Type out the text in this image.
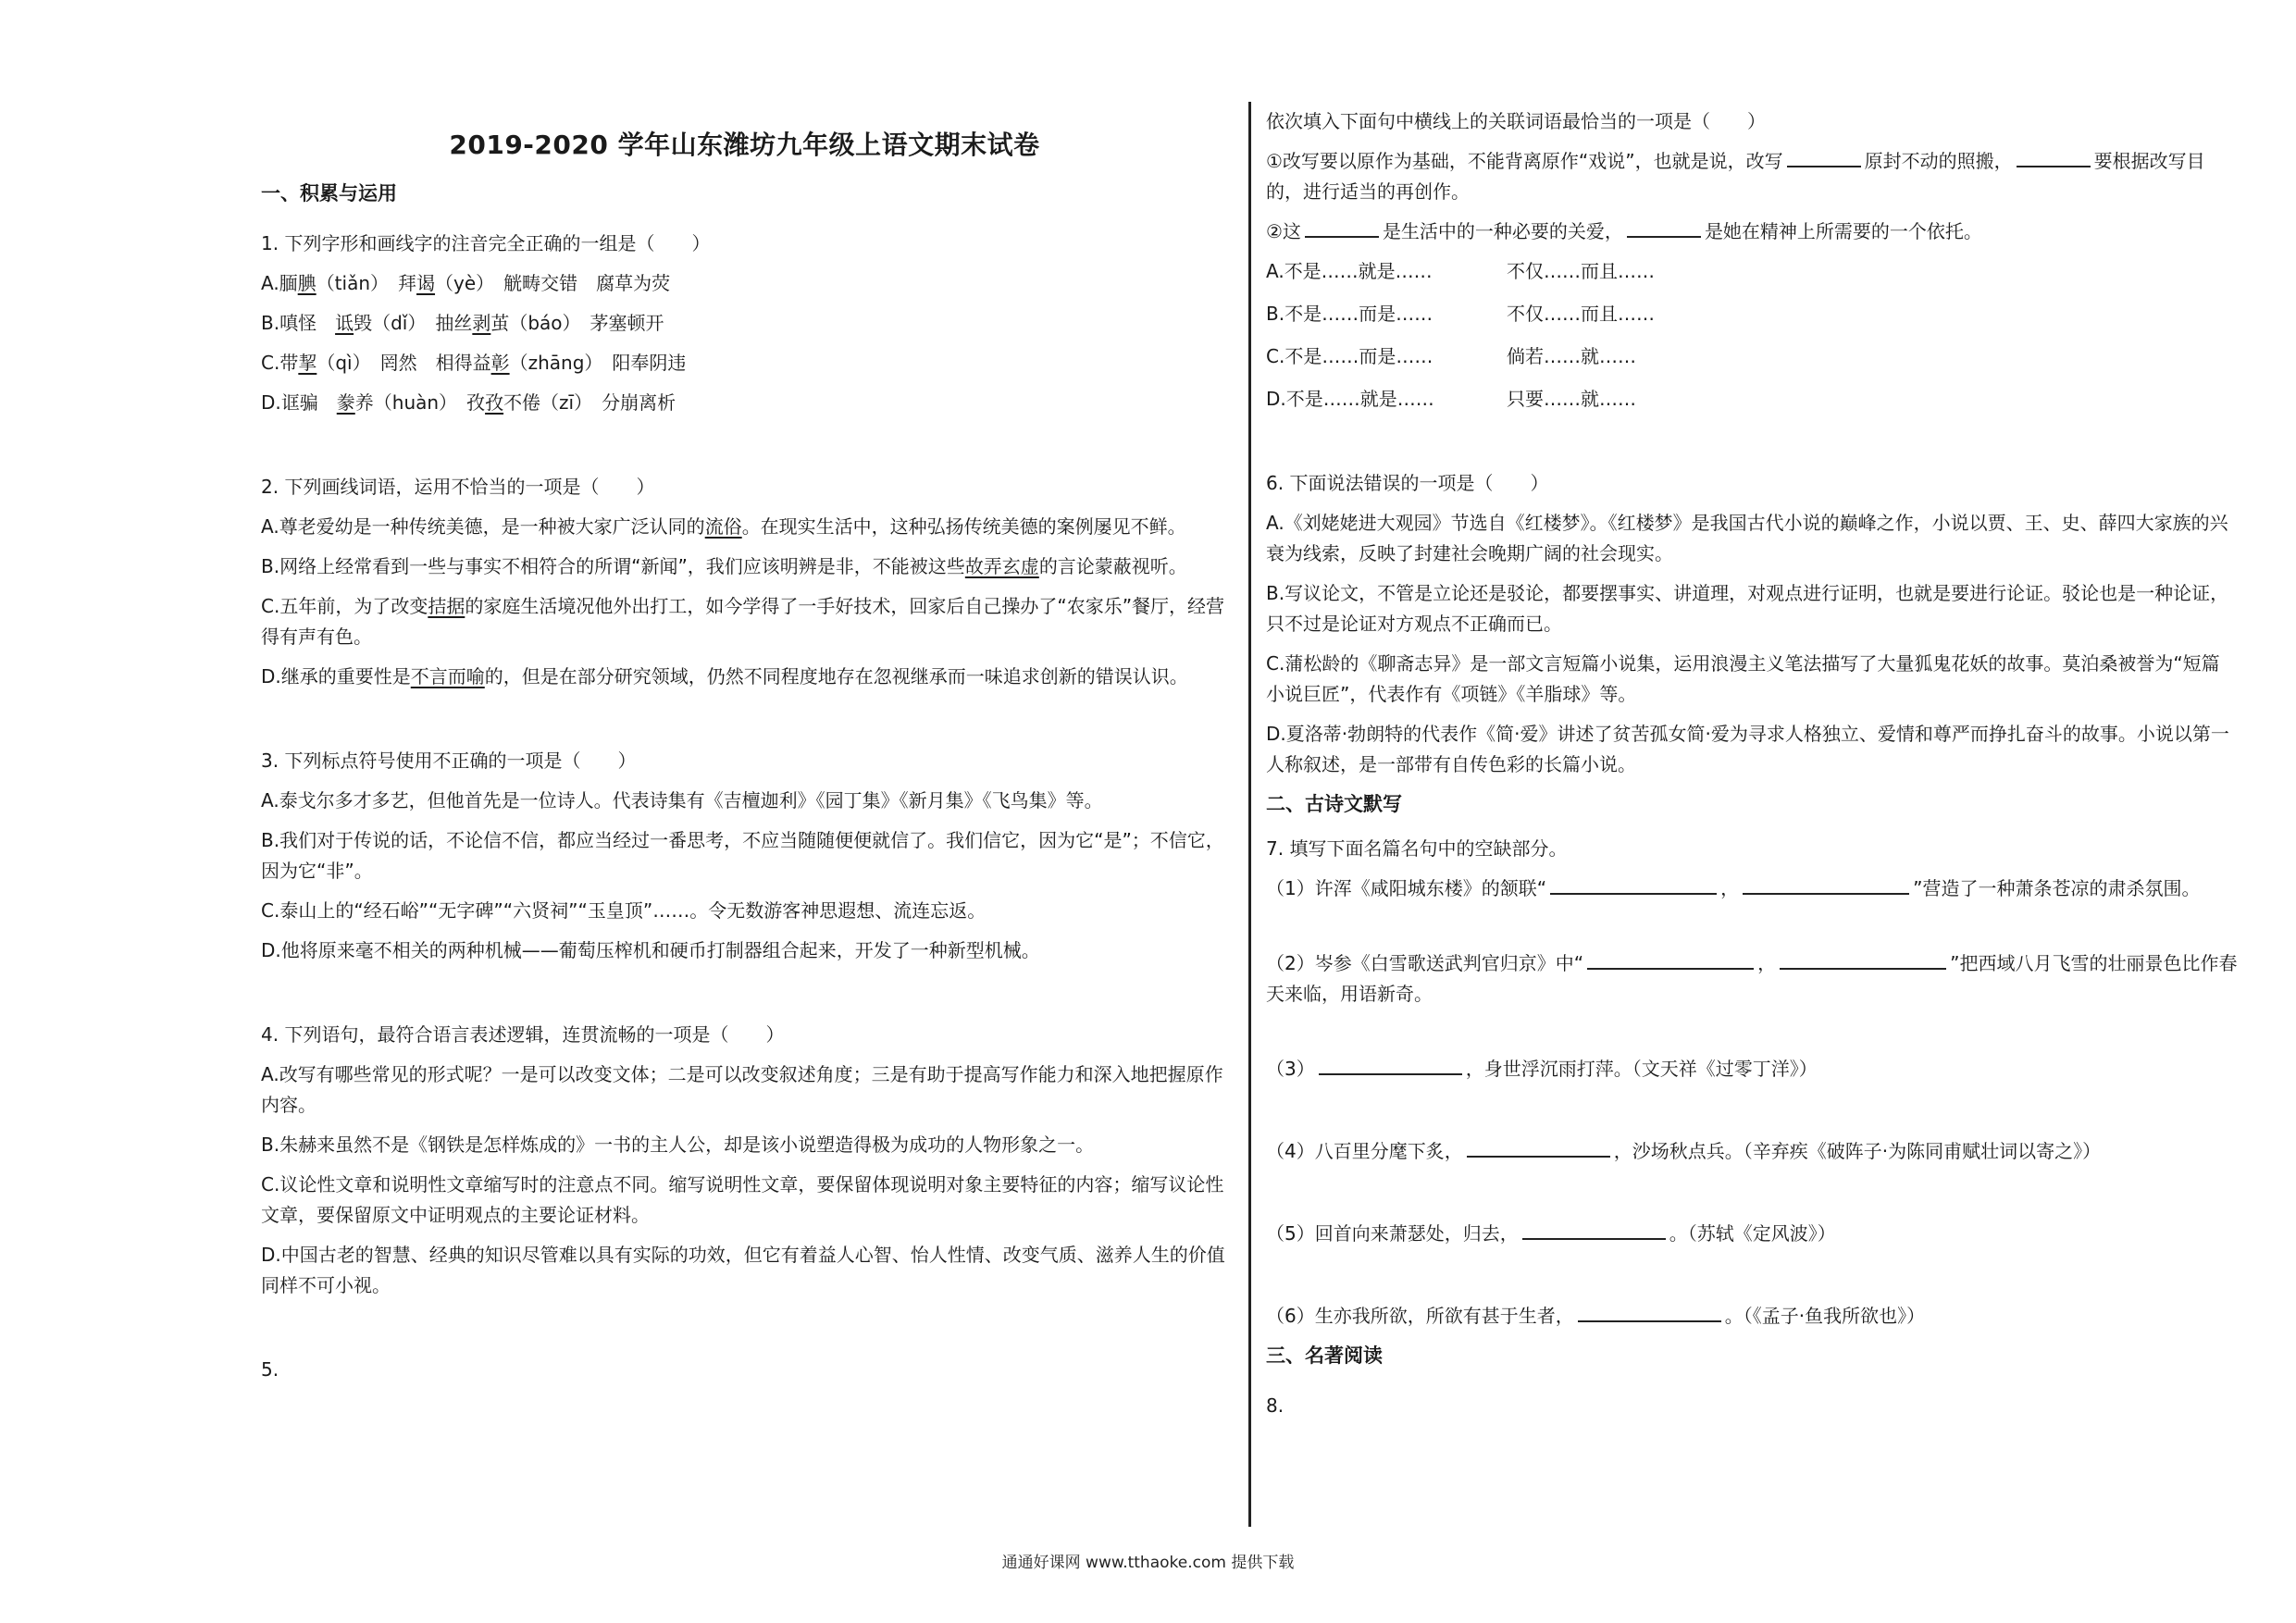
2019-2020 学年山东潍坊九年级上语文期末试卷
一、积累与运用
1. 下列字形和画线字的注音完全正确的一组是（　　）
A.腼腆（tiǎn）　拜谒（yè）　觥畴交错　腐草为荧
B.嗔怪　诋毁（dǐ）　抽丝剥茧（báo）　茅塞顿开
C.带挈（qì）　罔然　相得益彰（zhāng）　阳奉阴违
D.诓骗　豢养（huàn）　孜孜不倦（zī）　分崩离析
2. 下列画线词语，运用不恰当的一项是（　　）
A.尊老爱幼是一种传统美德，是一种被大家广泛认同的流俗。在现实生活中，这种弘扬传统美德的案例屡见不鲜。
B.网络上经常看到一些与事实不相符合的所谓“新闻”，我们应该明辨是非，不能被这些故弄玄虚的言论蒙蔽视听。
C.五年前，为了改变拮据的家庭生活境况他外出打工，如今学得了一手好技术，回家后自己操办了“农家乐”餐厅，经营得有声有色。
D.继承的重要性是不言而喻的，但是在部分研究领域，仍然不同程度地存在忽视继承而一味追求创新的错误认识。
3. 下列标点符号使用不正确的一项是（　　）
A.泰戈尔多才多艺，但他首先是一位诗人。代表诗集有《吉檀迦利》《园丁集》《新月集》《飞鸟集》等。
B.我们对于传说的话，不论信不信，都应当经过一番思考，不应当随随便便就信了。我们信它，因为它“是”；不信它，因为它“非”。
C.泰山上的“经石峪”“无字碑”“六贤祠”“玉皇顶”……。令无数游客神思遐想、流连忘返。
D.他将原来毫不相关的两种机械——葡萄压榨机和硬币打制器组合起来，开发了一种新型机械。
4. 下列语句，最符合语言表述逻辑，连贯流畅的一项是（　　）
A.改写有哪些常见的形式呢？一是可以改变文体；二是可以改变叙述角度；三是有助于提高写作能力和深入地把握原作内容。
B.朱赫来虽然不是《钢铁是怎样炼成的》一书的主人公，却是该小说塑造得极为成功的人物形象之一。
C.议论性文章和说明性文章缩写时的注意点不同。缩写说明性文章，要保留体现说明对象主要特征的内容；缩写议论性文章，要保留原文中证明观点的主要论证材料。
D.中国古老的智慧、经典的知识尽管难以具有实际的功效，但它有着益人心智、怡人性情、改变气质、滋养人生的价值同样不可小视。
5.
依次填入下面句中横线上的关联词语最恰当的一项是（　　）
①改写要以原作为基础，不能背离原作“戏说”，也就是说，改写	原封不动的照搬，	要根据改写目的，进行适当的再创作。
②这	是生活中的一种必要的关爱，	是她在精神上所需要的一个依托。
A.不是……就是……	不仅……而且……
B.不是……而是……	不仅……而且……
C.不是……而是……	倘若……就……
D.不是……就是……	只要……就……
6. 下面说法错误的一项是（　　）
A.《刘姥姥进大观园》节选自《红楼梦》。《红楼梦》是我国古代小说的巅峰之作，小说以贾、王、史、薛四大家族的兴衰为线索，反映了封建社会晚期广阔的社会现实。
B.写议论文，不管是立论还是驳论，都要摆事实、讲道理，对观点进行证明，也就是要进行论证。驳论也是一种论证，只不过是论证对方观点不正确而已。
C.蒲松龄的《聊斋志异》是一部文言短篇小说集，运用浪漫主义笔法描写了大量狐鬼花妖的故事。莫泊桑被誉为“短篇小说巨匠”，代表作有《项链》《羊脂球》等。
D.夏洛蒂·勃朗特的代表作《简·爱》讲述了贫苦孤女简·爱为寻求人格独立、爱情和尊严而挣扎奋斗的故事。小说以第一人称叙述，是一部带有自传色彩的长篇小说。
二、古诗文默写
7. 填写下面名篇名句中的空缺部分。
（1）许浑《咸阳城东楼》的颔联“	，	”营造了一种萧条苍凉的肃杀氛围。
（2）岑参《白雪歌送武判官归京》中“	，	”把西域八月飞雪的壮丽景色比作春天来临，用语新奇。
（3）	，身世浮沉雨打萍。（文天祥《过零丁洋》）
（4）八百里分麾下炙，	，沙场秋点兵。（辛弃疾《破阵子·为陈同甫赋壮词以寄之》）
（5）回首向来萧瑟处，归去，	。（苏轼《定风波》）
（6）生亦我所欲，所欲有甚于生者，	。（《孟子·鱼我所欲也》）
三、名著阅读
8.
通通好课网 www.tthaoke.com 提供下载
